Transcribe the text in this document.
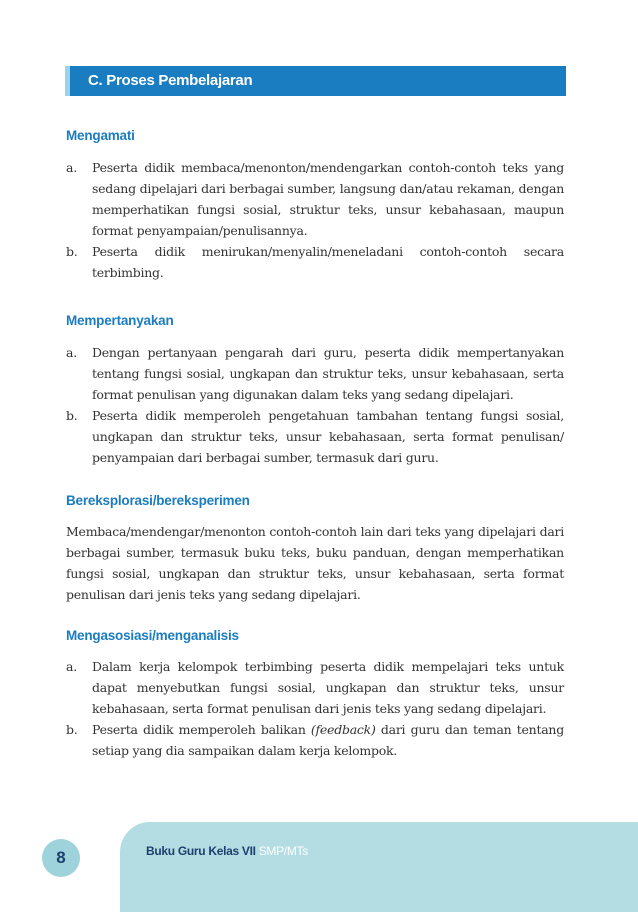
C. Proses Pembelajaran
Mengamati
a. Peserta didik membaca/menonton/mendengarkan contoh-contoh teks yang sedang dipelajari dari berbagai sumber, langsung dan/atau rekaman, dengan memperhatikan fungsi sosial, struktur teks, unsur kebahasaan, maupun format penyampaian/penulisannya.
b. Peserta didik menirukan/menyalin/meneladani contoh-contoh secara terbimbing.
Mempertanyakan
a. Dengan pertanyaan pengarah dari guru, peserta didik mempertanyakan tentang fungsi sosial, ungkapan dan struktur teks, unsur kebahasaan, serta format penulisan yang digunakan dalam teks yang sedang dipelajari.
b. Peserta didik memperoleh pengetahuan tambahan tentang fungsi sosial, ungkapan dan struktur teks, unsur kebahasaan, serta format penulisan/ penyampaian dari berbagai sumber, termasuk dari guru.
Bereksplorasi/bereksperimen

Membaca/mendengar/menonton contoh-contoh lain dari teks yang dipelajari dari berbagai sumber, termasuk buku teks, buku panduan, dengan memperhatikan fungsi sosial, ungkapan dan struktur teks, unsur kebahasaan, serta format penulisan dari jenis teks yang sedang dipelajari.

Mengasosiasi/menganalisis
a. Dalam kerja kelompok terbimbing peserta didik mempelajari teks untuk dapat menyebutkan fungsi sosial, ungkapan dan struktur teks, unsur kebahasaan, serta format penulisan dari jenis teks yang sedang dipelajari.
b. Peserta didik memperoleh balikan (feedback) dari guru dan teman tentang setiap yang dia sampaikan dalam kerja kelompok.
Buku Guru Kelas VII SMP/MTs
8
